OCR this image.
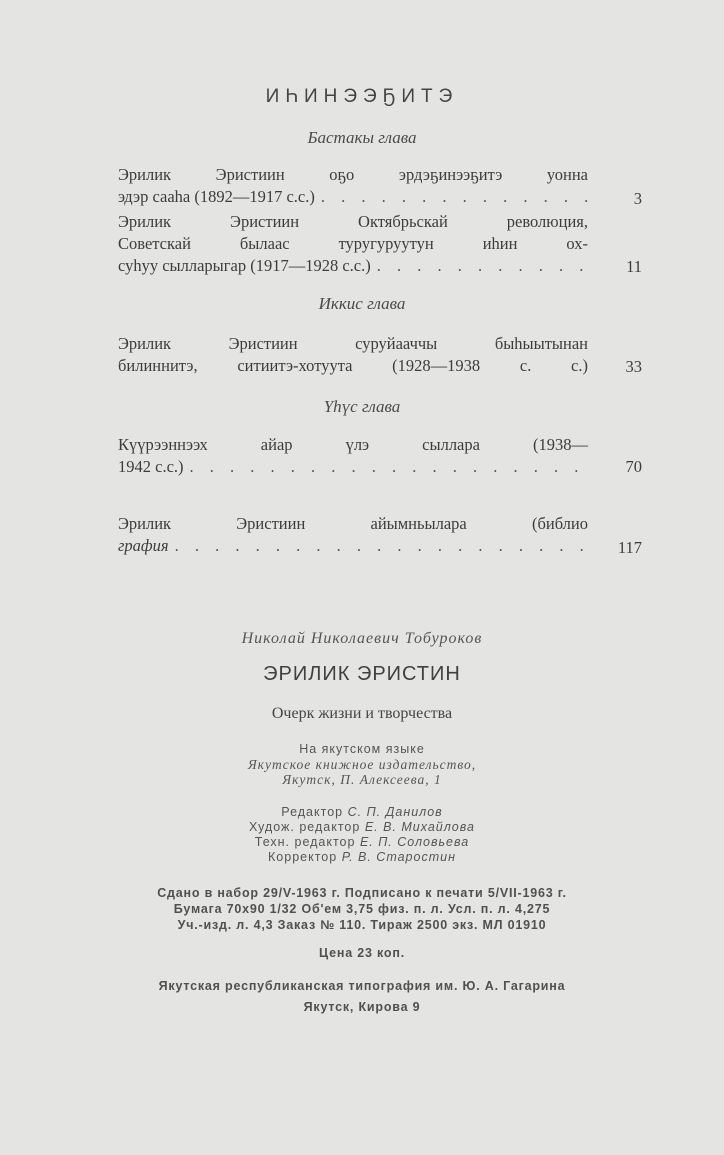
ИҺИНЭЭҔИТЭ
Бастакы глава
Эрилик Эристиин оҕо эрдэҕинээҕитэ уонна
эдэр сааһа (1892—1917 с.с.) . . .	3
Эрилик Эристиин Октябрьскай революция,
Советскай былаас туругуруутун иһин ох-
суһуу сылларыгар (1917—1928 с.с.) . . .	11
Иккис глава
Эрилик Эристиин суруйааччы быһыытынан
билиннитэ, ситиитэ-хотуута (1928—1938 с. с.)	33
Үһүс глава
Күүрээннээх айар үлэ сыллара (1938—
1942 с.с.) . . .	70
Эрилик Эристиин айымньылара (библио
графия . . .	117
Николай Николаевич Тобуроков
ЭРИЛИК ЭРИСТИН
Очерк жизни и творчества
На якутском языке
Якутское книжное издательство,
Якутск, П. Алексеева, 1
Редактор С. П. Данилов
Худож. редактор Е. В. Михайлова
Техн. редактор Е. П. Соловьева
Корректор Р. В. Старостин
Сдано в набор 29/V-1963 г. Подписано к печати 5/VII-1963 г.
Бумага 70х90 1/32 Об'ем 3,75 физ. п. л. Усл. п. л. 4,275
Уч.-изд. л. 4,3 Заказ № 110. Тираж 2500 экз. МЛ 01910
Цена 23 коп.
Якутская республиканская типография им. Ю. А. Гагарина
Якутск, Кирова 9
